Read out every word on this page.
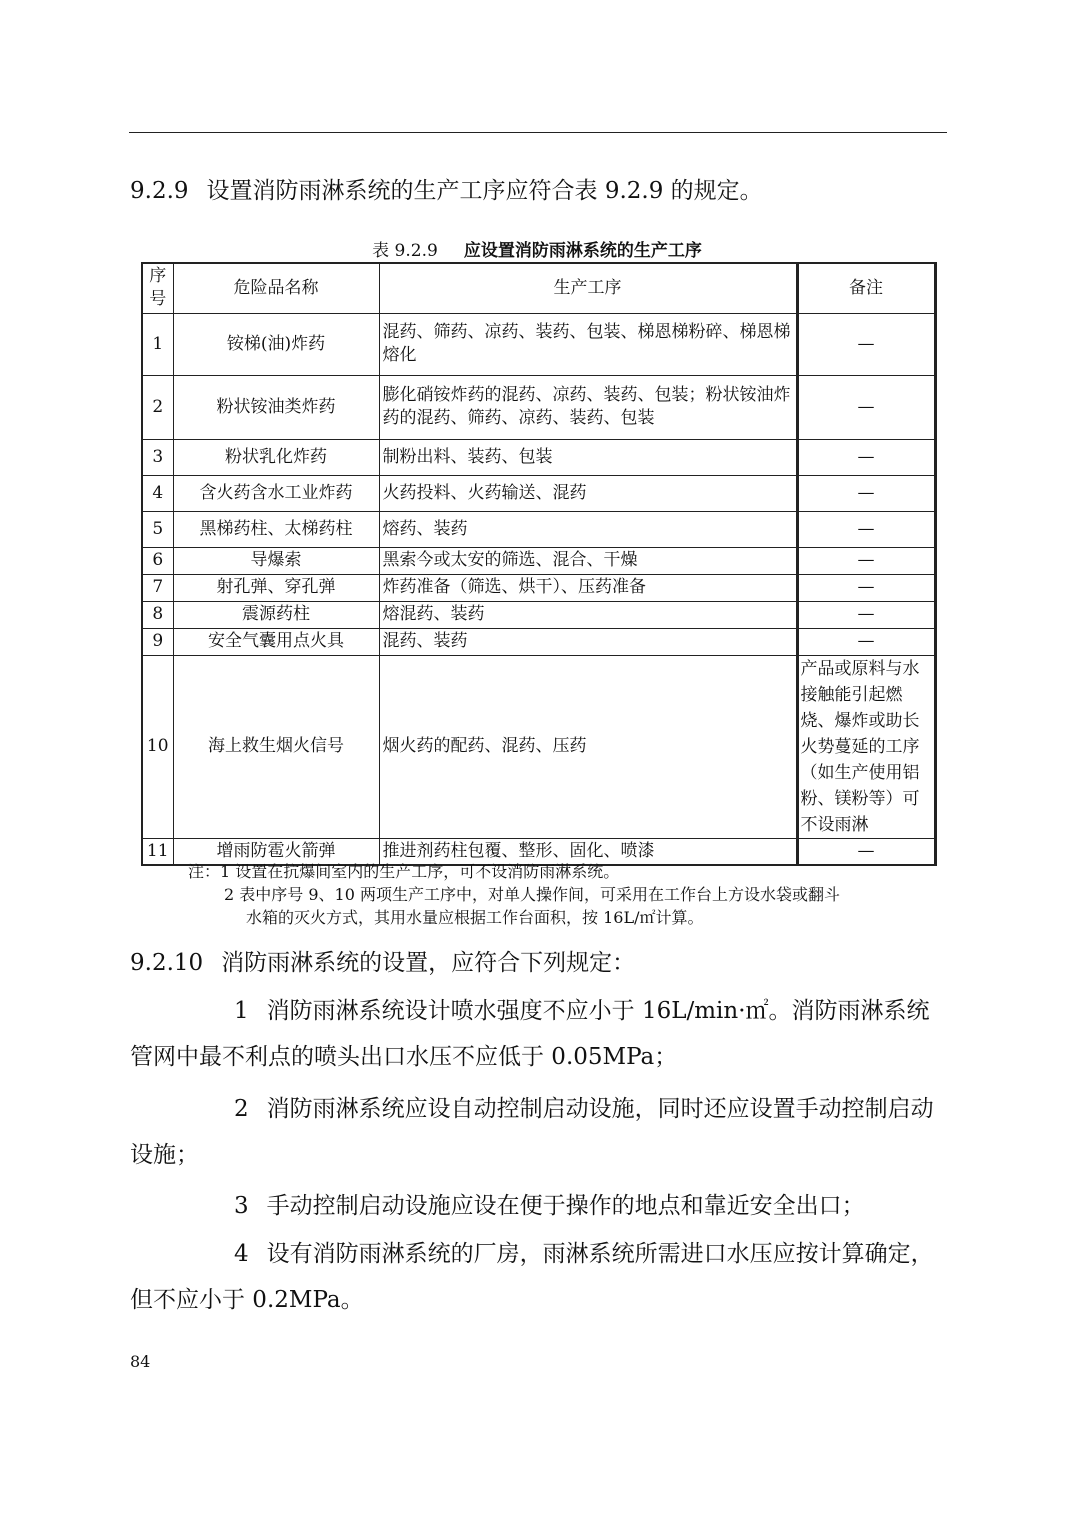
9.2.9 设置消防雨淋系统的生产工序应符合表 9.2.9 的规定。
表 9.2.9 应设置消防雨淋系统的生产工序
序号	危险品名称	生产工序	备注
1	铵梯(油)炸药	混药、筛药、凉药、装药、包装、梯恩梯粉碎、梯恩梯熔化	—
2	粉状铵油类炸药	膨化硝铵炸药的混药、凉药、装药、包装；粉状铵油炸药的混药、筛药、凉药、装药、包装	—
3	粉状乳化炸药	制粉出料、装药、包装	—
4	含火药含水工业炸药	火药投料、火药输送、混药	—
5	黑梯药柱、太梯药柱	熔药、装药	—
6	导爆索	黑索今或太安的筛选、混合、干燥	—
7	射孔弹、穿孔弹	炸药准备（筛选、烘干）、压药准备	—
8	震源药柱	熔混药、装药	—
9	安全气囊用点火具	混药、装药	—
10	海上救生烟火信号	烟火药的配药、混药、压药	产品或原料与水接触能引起燃烧、爆炸或助长火势蔓延的工序（如生产使用铝粉、镁粉等）可不设雨淋
11	增雨防雹火箭弹	推进剂药柱包覆、整形、固化、喷漆	—
注：1 设置在抗爆间室内的生产工序，可不设消防雨淋系统。
2 表中序号 9、10 两项生产工序中，对单人操作间，可采用在工作台上方设水袋或翻斗
水箱的灭火方式，其用水量应根据工作台面积，按 16L/㎡计算。
9.2.10 消防雨淋系统的设置，应符合下列规定：
1 消防雨淋系统设计喷水强度不应小于 16L/min·㎡。消防雨淋系统
管网中最不利点的喷头出口水压不应低于 0.05MPa；
2 消防雨淋系统应设自动控制启动设施，同时还应设置手动控制启动
设施；
3 手动控制启动设施应设在便于操作的地点和靠近安全出口；
4 设有消防雨淋系统的厂房，雨淋系统所需进口水压应按计算确定，
但不应小于 0.2MPa。
84
